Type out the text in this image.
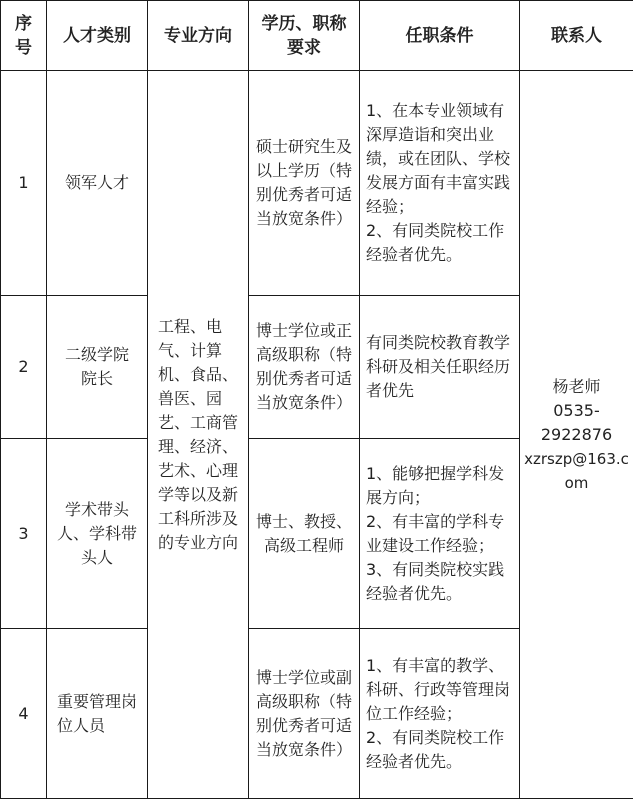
序号	人才类别	专业方向	学历、职称要求	任职条件	联系人
1	领军人才	工程、电气、计算机、食品、兽医、园艺、工商管理、经济、艺术、心理学等以及新工科所涉及的专业方向	硕士研究生及以上学历（特别优秀者可适当放宽条件）	1、在本专业领域有深厚造诣和突出业绩，或在团队、学校发展方面有丰富实践经验；
2、有同类院校工作经验者优先。	杨老师
0535-2922876
xzrszp@163.com

2	二级学院院长		博士学位或正高级职称（特别优秀者可适当放宽条件）	有同类院校教育教学科研及相关任职经历者优先	

3	学术带头人、学科带头人		博士、教授、高级工程师	1、能够把握学科发展方向；
2、有丰富的学科专业建设工作经验；
3、有同类院校实践经验者优先。	

4	重要管理岗位人员		博士学位或副高级职称（特别优秀者可适当放宽条件）	1、有丰富的教学、科研、行政等管理岗位工作经验；
2、有同类院校工作经验者优先。	
